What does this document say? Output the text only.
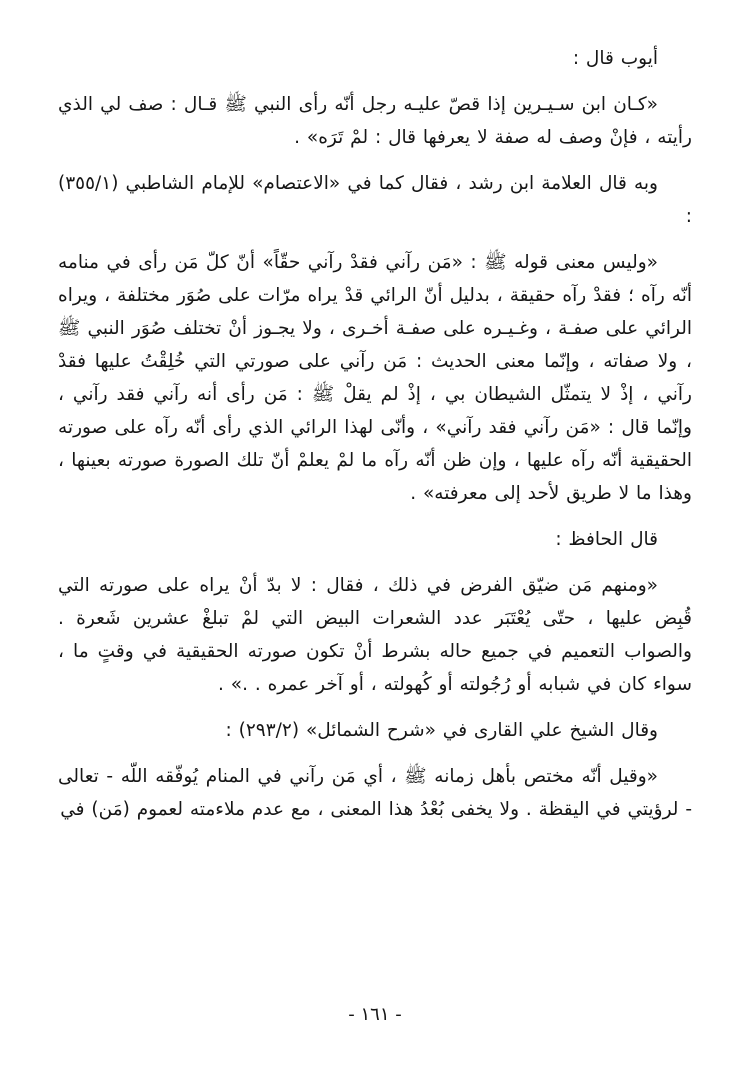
أيوب قال :

«كـان ابن سـيـرين إذا قصّ عليـه رجل أنّه رأى النبي ﷺ قـال : صف لي الذي رأيته ، فإنْ وصف له صفة لا يعرفها قال : لمْ تَرَه» .

وبه قال العلامة ابن رشد ، فقال كما في «الاعتصام» للإمام الشاطبي (٣٥٥/١) :

«وليس معنى قوله ﷺ : «مَن رآني فقدْ رآني حقّاً» أنّ كلّ مَن رأى في منامه أنّه رآه ؛ فقدْ رآه حقيقة ، بدليل أنّ الرائي قدْ يراه مرّات على صُوَر مختلفة ، ويراه الرائي على صفـة ، وغـيـره على صفـة أخـرى ، ولا يجـوز أنْ تختلف صُوَر النبي ﷺ ، ولا صفاته ، وإنّما معنى الحديث : مَن رآني على صورتي التي خُلِقْتُ عليها فقدْ رآني ، إذْ لا يتمثّل الشيطان بي ، إذْ لم يقلْ ﷺ : مَن رأى أنه رآني فقد رآني ، وإنّما قال : «مَن رآني فقد رآني» ، وأنّى لهذا الرائي الذي رأى أنّه رآه على صورته الحقيقية أنّه رآه عليها ، وإن ظن أنّه رآه ما لمْ يعلمْ أنّ تلك الصورة صورته بعينها ، وهذا ما لا طريق لأحد إلى معرفته» .

قال الحافظ :

«ومنهم مَن ضيّق الفرض في ذلك ، فقال : لا بدّ أنْ يراه على صورته التي قُبِض عليها ، حتّى يُعْتَبَر عدد الشعرات البيض التي لمْ تبلغْ عشرين شَعرة . والصواب التعميم في جميع حاله بشرط أنْ تكون صورته الحقيقية في وقتٍ ما ، سواء كان في شبابه أو رُجُولته أو كُهولته ، أو آخر عمره . .» .

وقال الشيخ علي القارى في «شرح الشمائل» (٢٩٣/٢) :

«وقيل أنّه مختص بأهل زمانه ﷺ ، أي مَن رآني في المنام يُوفّقه اللّه - تعالى - لرؤيتي في اليقظة . ولا يخفى بُعْدُ هذا المعنى ، مع عدم ملاءمته لعموم (مَن) في

- ١٦١ -
